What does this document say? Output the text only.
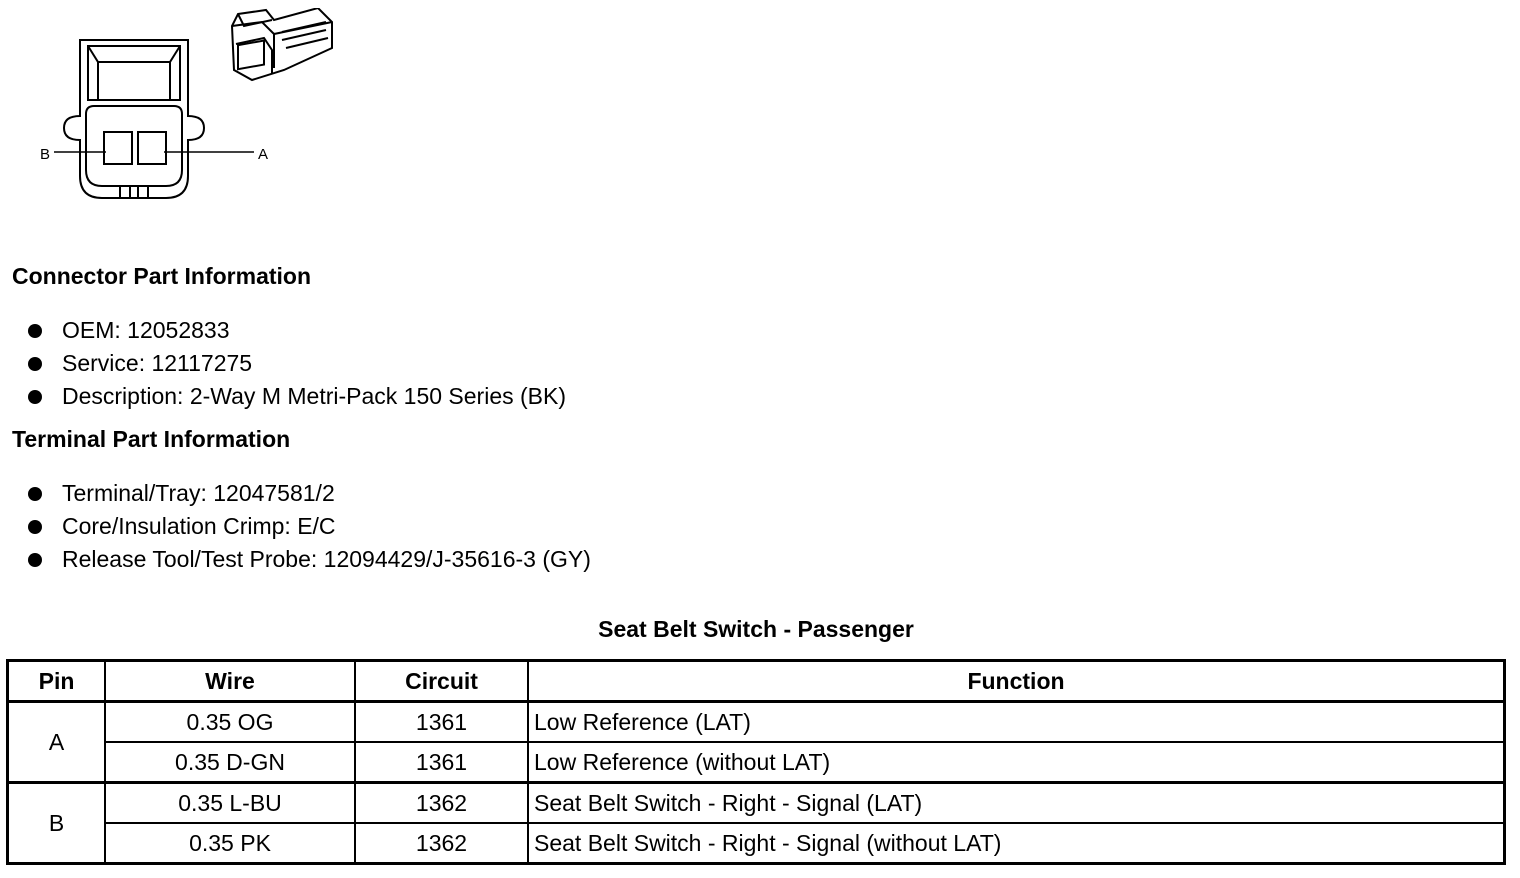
B	A
Connector Part Information
OEM: 12052833
Service: 12117275
Description: 2-Way M Metri-Pack 150 Series (BK)
Terminal Part Information
Terminal/Tray: 12047581/2
Core/Insulation Crimp: E/C
Release Tool/Test Probe: 12094429/J-35616-3 (GY)
Seat Belt Switch - Passenger
Pin	Wire	Circuit	Function
A	0.35 OG	1361	Low Reference (LAT)
	0.35 D-GN	1361	Low Reference (without LAT)
B	0.35 L-BU	1362	Seat Belt Switch - Right - Signal (LAT)
	0.35 PK	1362	Seat Belt Switch - Right - Signal (without LAT)
